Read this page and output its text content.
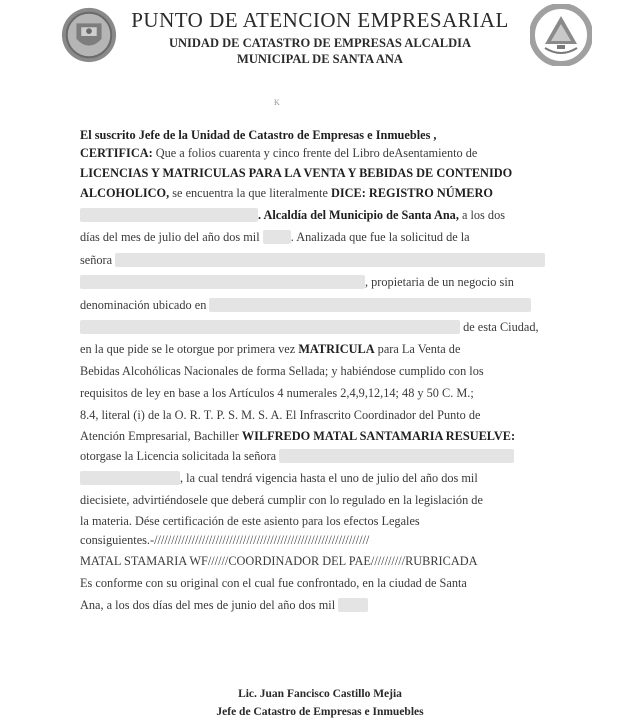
PUNTO DE ATENCION EMPRESARIAL
UNIDAD DE CATASTRO DE EMPRESAS ALCALDIA
MUNICIPAL DE SANTA ANA
K
El suscrito Jefe de la Unidad de Catastro de Empresas e Inmuebles ,
CERTIFICA: Que a folios cuarenta y cinco frente del Libro deAsentamiento de
LICENCIAS Y MATRICULAS PARA LA VENTA Y BEBIDAS DE CONTENIDO
ALCOHOLICO, se encuentra la que literalmente DICE: REGISTRO NÚMERO
. Alcaldía del Municipio de Santa Ana, a los dos
días del mes de julio del año dos mil . Analizada que fue la solicitud de la
señora
, propietaria de un negocio sin
denominación ubicado en
de esta Ciudad,
en la que pide se le otorgue por primera vez MATRICULA para La Venta de
Bebidas Alcohólicas Nacionales de forma Sellada; y habiéndose cumplido con los
requisitos de ley en base a los Artículos 4 numerales 2,4,9,12,14; 48 y 50 C. M.;
8.4, literal (i) de la O. R. T. P. S. M. S. A. El Infrascrito Coordinador del Punto de
Atención Empresarial, Bachiller WILFREDO MATAL SANTAMARIA RESUELVE:
otorgase la Licencia solicitada la señora
, la cual tendrá vigencia hasta el uno de julio del año dos mil
diecisiete, advirtiéndosele que deberá cumplir con lo regulado en la legislación de
la materia. Dése certificación de este asiento para los efectos Legales
consiguientes.-///////////////////////////////////////////////////////////////
MATAL STAMARIA WF//////COORDINADOR DEL PAE//////////RUBRICADA
Es conforme con su original con el cual fue confrontado, en la ciudad de Santa
Ana, a los dos días del mes de junio del año dos mil
Lic. Juan Fancisco Castillo Mejia
Jefe de Catastro de Empresas e Inmuebles
